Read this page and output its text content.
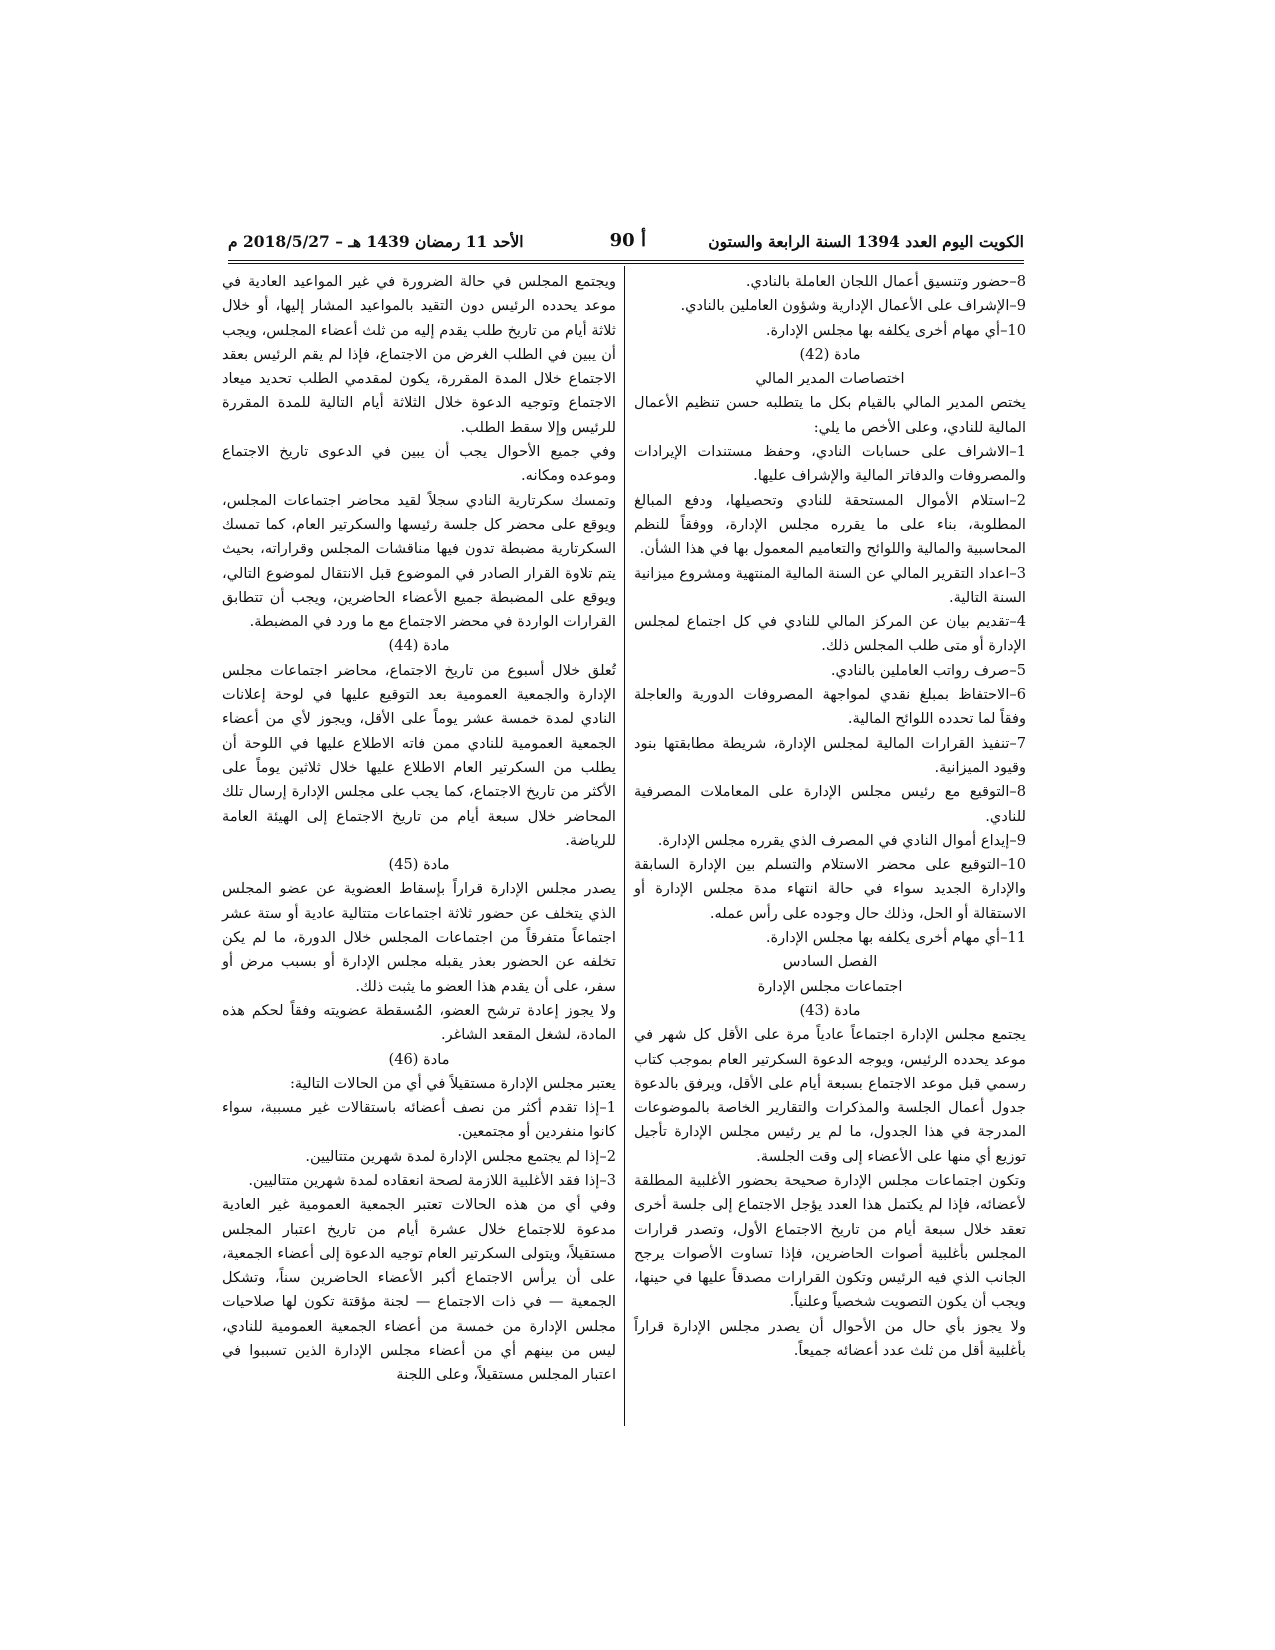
الكويت اليوم العدد 1394 السنة الرابعة والستون
أ 90
الأحد 11 رمضان 1439 هـ – 2018/5/27 م

8–حضور وتنسيق أعمال اللجان العاملة بالنادي.

9–الإشراف على الأعمال الإدارية وشؤون العاملين بالنادي.

10–أي مهام أخرى يكلفه بها مجلس الإدارة.

مادة (42)

اختصاصات المدير المالي

يختص المدير المالي بالقيام بكل ما يتطلبه حسن تنظيم الأعمال المالية للنادي، وعلى الأخص ما يلي:

1–الاشراف على حسابات النادي، وحفظ مستندات الإيرادات والمصروفات والدفاتر المالية والإشراف عليها.

2–استلام الأموال المستحقة للنادي وتحصيلها، ودفع المبالغ المطلوبة، بناء على ما يقرره مجلس الإدارة، ووفقاً للنظم المحاسبية والمالية واللوائح والتعاميم المعمول بها في هذا الشأن.

3–اعداد التقرير المالي عن السنة المالية المنتهية ومشروع ميزانية السنة التالية.

4–تقديم بيان عن المركز المالي للنادي في كل اجتماع لمجلس الإدارة أو متى طلب المجلس ذلك.

5–صرف رواتب العاملين بالنادي.

6–الاحتفاظ بمبلغ نقدي لمواجهة المصروفات الدورية والعاجلة وفقاً لما تحدده اللوائح المالية.

7–تنفيذ القرارات المالية لمجلس الإدارة، شريطة مطابقتها بنود وقيود الميزانية.

8–التوقيع مع رئيس مجلس الإدارة على المعاملات المصرفية للنادي.

9–إيداع أموال النادي في المصرف الذي يقرره مجلس الإدارة.

10–التوقيع على محضر الاستلام والتسلم بين الإدارة السابقة والإدارة الجديد سواء في حالة انتهاء مدة مجلس الإدارة أو الاستقالة أو الحل، وذلك حال وجوده على رأس عمله.

11–أي مهام أخرى يكلفه بها مجلس الإدارة.

الفصل السادس

اجتماعات مجلس الإدارة

مادة (43)

يجتمع مجلس الإدارة اجتماعاً عادياً مرة على الأقل كل شهر في موعد يحدده الرئيس، ويوجه الدعوة السكرتير العام بموجب كتاب رسمي قبل موعد الاجتماع بسبعة أيام على الأقل، ويرفق بالدعوة جدول أعمال الجلسة والمذكرات والتقارير الخاصة بالموضوعات المدرجة في هذا الجدول، ما لم ير رئيس مجلس الإدارة تأجيل توزيع أي منها على الأعضاء إلى وقت الجلسة.

وتكون اجتماعات مجلس الإدارة صحيحة بحضور الأغلبية المطلقة لأعضائه، فإذا لم يكتمل هذا العدد يؤجل الاجتماع إلى جلسة أخرى تعقد خلال سبعة أيام من تاريخ الاجتماع الأول، وتصدر قرارات المجلس بأغلبية أصوات الحاضرين، فإذا تساوت الأصوات يرجح الجانب الذي فيه الرئيس وتكون القرارات مصدقاً عليها في حينها، ويجب أن يكون التصويت شخصياً وعلنياً.

ولا يجوز بأي حال من الأحوال أن يصدر مجلس الإدارة قراراً بأغلبية أقل من ثلث عدد أعضائه جميعاً.

ويجتمع المجلس في حالة الضرورة في غير المواعيد العادية في موعد يحدده الرئيس دون التقيد بالمواعيد المشار إليها، أو خلال ثلاثة أيام من تاريخ طلب يقدم إليه من ثلث أعضاء المجلس، ويجب أن يبين في الطلب الغرض من الاجتماع، فإذا لم يقم الرئيس بعقد الاجتماع خلال المدة المقررة، يكون لمقدمي الطلب تحديد ميعاد الاجتماع وتوجيه الدعوة خلال الثلاثة أيام التالية للمدة المقررة للرئيس وإلا سقط الطلب.

وفي جميع الأحوال يجب أن يبين في الدعوى تاريخ الاجتماع وموعده ومكانه.

وتمسك سكرتارية النادي سجلاً لقيد محاضر اجتماعات المجلس، ويوقع على محضر كل جلسة رئيسها والسكرتير العام، كما تمسك السكرتارية مضبطة تدون فيها مناقشات المجلس وقراراته، بحيث يتم تلاوة القرار الصادر في الموضوع قبل الانتقال لموضوع التالي، ويوقع على المضبطة جميع الأعضاء الحاضرين، ويجب أن تتطابق القرارات الواردة في محضر الاجتماع مع ما ورد في المضبطة.

مادة (44)

تُعلق خلال أسبوع من تاريخ الاجتماع، محاضر اجتماعات مجلس الإدارة والجمعية العمومية بعد التوقيع عليها في لوحة إعلانات النادي لمدة خمسة عشر يوماً على الأقل، ويجوز لأي من أعضاء الجمعية العمومية للنادي ممن فاته الاطلاع عليها في اللوحة أن يطلب من السكرتير العام الاطلاع عليها خلال ثلاثين يوماً على الأكثر من تاريخ الاجتماع، كما يجب على مجلس الإدارة إرسال تلك المحاضر خلال سبعة أيام من تاريخ الاجتماع إلى الهيئة العامة للرياضة.

مادة (45)

يصدر مجلس الإدارة قراراً بإسقاط العضوية عن عضو المجلس الذي يتخلف عن حضور ثلاثة اجتماعات متتالية عادية أو ستة عشر اجتماعاً متفرقاً من اجتماعات المجلس خلال الدورة، ما لم يكن تخلفه عن الحضور بعذر يقبله مجلس الإدارة أو بسبب مرض أو سفر، على أن يقدم هذا العضو ما يثبت ذلك.

ولا يجوز إعادة ترشح العضو، المُسقطة عضويته وفقاً لحكم هذه المادة، لشغل المقعد الشاغر.

مادة (46)

يعتبر مجلس الإدارة مستقيلاً في أي من الحالات التالية:

1–إذا تقدم أكثر من نصف أعضائه باستقالات غير مسببة، سواء كانوا منفردين أو مجتمعين.

2–إذا لم يجتمع مجلس الإدارة لمدة شهرين متتاليين.

3–إذا فقد الأغلبية اللازمة لصحة انعقاده لمدة شهرين متتاليين.

وفي أي من هذه الحالات تعتبر الجمعية العمومية غير العادية مدعوة للاجتماع خلال عشرة أيام من تاريخ اعتبار المجلس مستقيلاً، ويتولى السكرتير العام توجيه الدعوة إلى أعضاء الجمعية، على أن يرأس الاجتماع أكبر الأعضاء الحاضرين سناً، وتشكل الجمعية — في ذات الاجتماع — لجنة مؤقتة تكون لها صلاحيات مجلس الإدارة من خمسة من أعضاء الجمعية العمومية للنادي، ليس من بينهم أي من أعضاء مجلس الإدارة الذين تسببوا في اعتبار المجلس مستقيلاً، وعلى اللجنة
